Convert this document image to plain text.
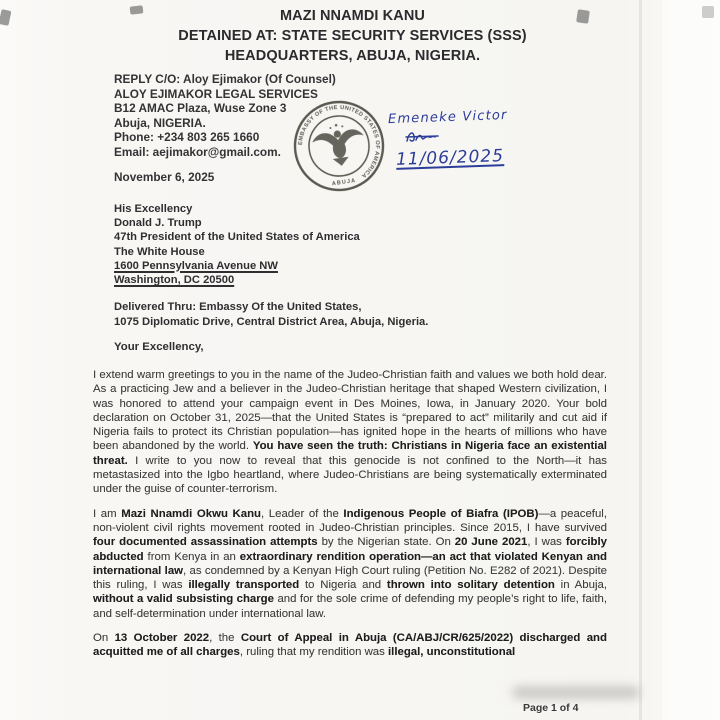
MAZI NNAMDI KANU
DETAINED AT: STATE SECURITY SERVICES (SSS)
HEADQUARTERS, ABUJA, NIGERIA.
REPLY C/O: Aloy Ejimakor (Of Counsel)
ALOY EJIMAKOR LEGAL SERVICES
B12 AMAC Plaza, Wuse Zone 3
Abuja, NIGERIA.
Phone: +234 803 265 1660
Email: aejimakor@gmail.com.
November 6, 2025
EMBASSY OF THE UNITED STATES OF AMERICA
ABUJA
Emeneke Victor
11/06/2025
His Excellency
Donald J. Trump
47th President of the United States of America
The White House
1600 Pennsylvania Avenue NW
Washington, DC 20500
Delivered Thru: Embassy Of the United States,
1075 Diplomatic Drive, Central District Area, Abuja, Nigeria.
Your Excellency,

I extend warm greetings to you in the name of the Judeo-Christian faith and values we both hold dear. As a practicing Jew and a believer in the Judeo-Christian heritage that shaped Western civilization, I was honored to attend your campaign event in Des Moines, Iowa, in January 2020. Your bold declaration on October 31, 2025—that the United States is “prepared to act” militarily and cut aid if Nigeria fails to protect its Christian population—has ignited hope in the hearts of millions who have been abandoned by the world. You have seen the truth: Christians in Nigeria face an existential threat. I write to you now to reveal that this genocide is not confined to the North—it has metastasized into the Igbo heartland, where Judeo-Christians are being systematically exterminated under the guise of counter-terrorism.

I am Mazi Nnamdi Okwu Kanu, Leader of the Indigenous People of Biafra (IPOB)—a peaceful, non-violent civil rights movement rooted in Judeo-Christian principles. Since 2015, I have survived four documented assassination attempts by the Nigerian state. On 20 June 2021, I was forcibly abducted from Kenya in an extraordinary rendition operation—an act that violated Kenyan and international law, as condemned by a Kenyan High Court ruling (Petition No. E282 of 2021). Despite this ruling, I was illegally transported to Nigeria and thrown into solitary detention in Abuja, without a valid subsisting charge and for the sole crime of defending my people’s right to life, faith, and self-determination under international law.

On 13 October 2022, the Court of Appeal in Abuja (CA/ABJ/CR/625/2022) discharged and acquitted me of all charges, ruling that my rendition was illegal, unconstitutional

Page 1 of 4
